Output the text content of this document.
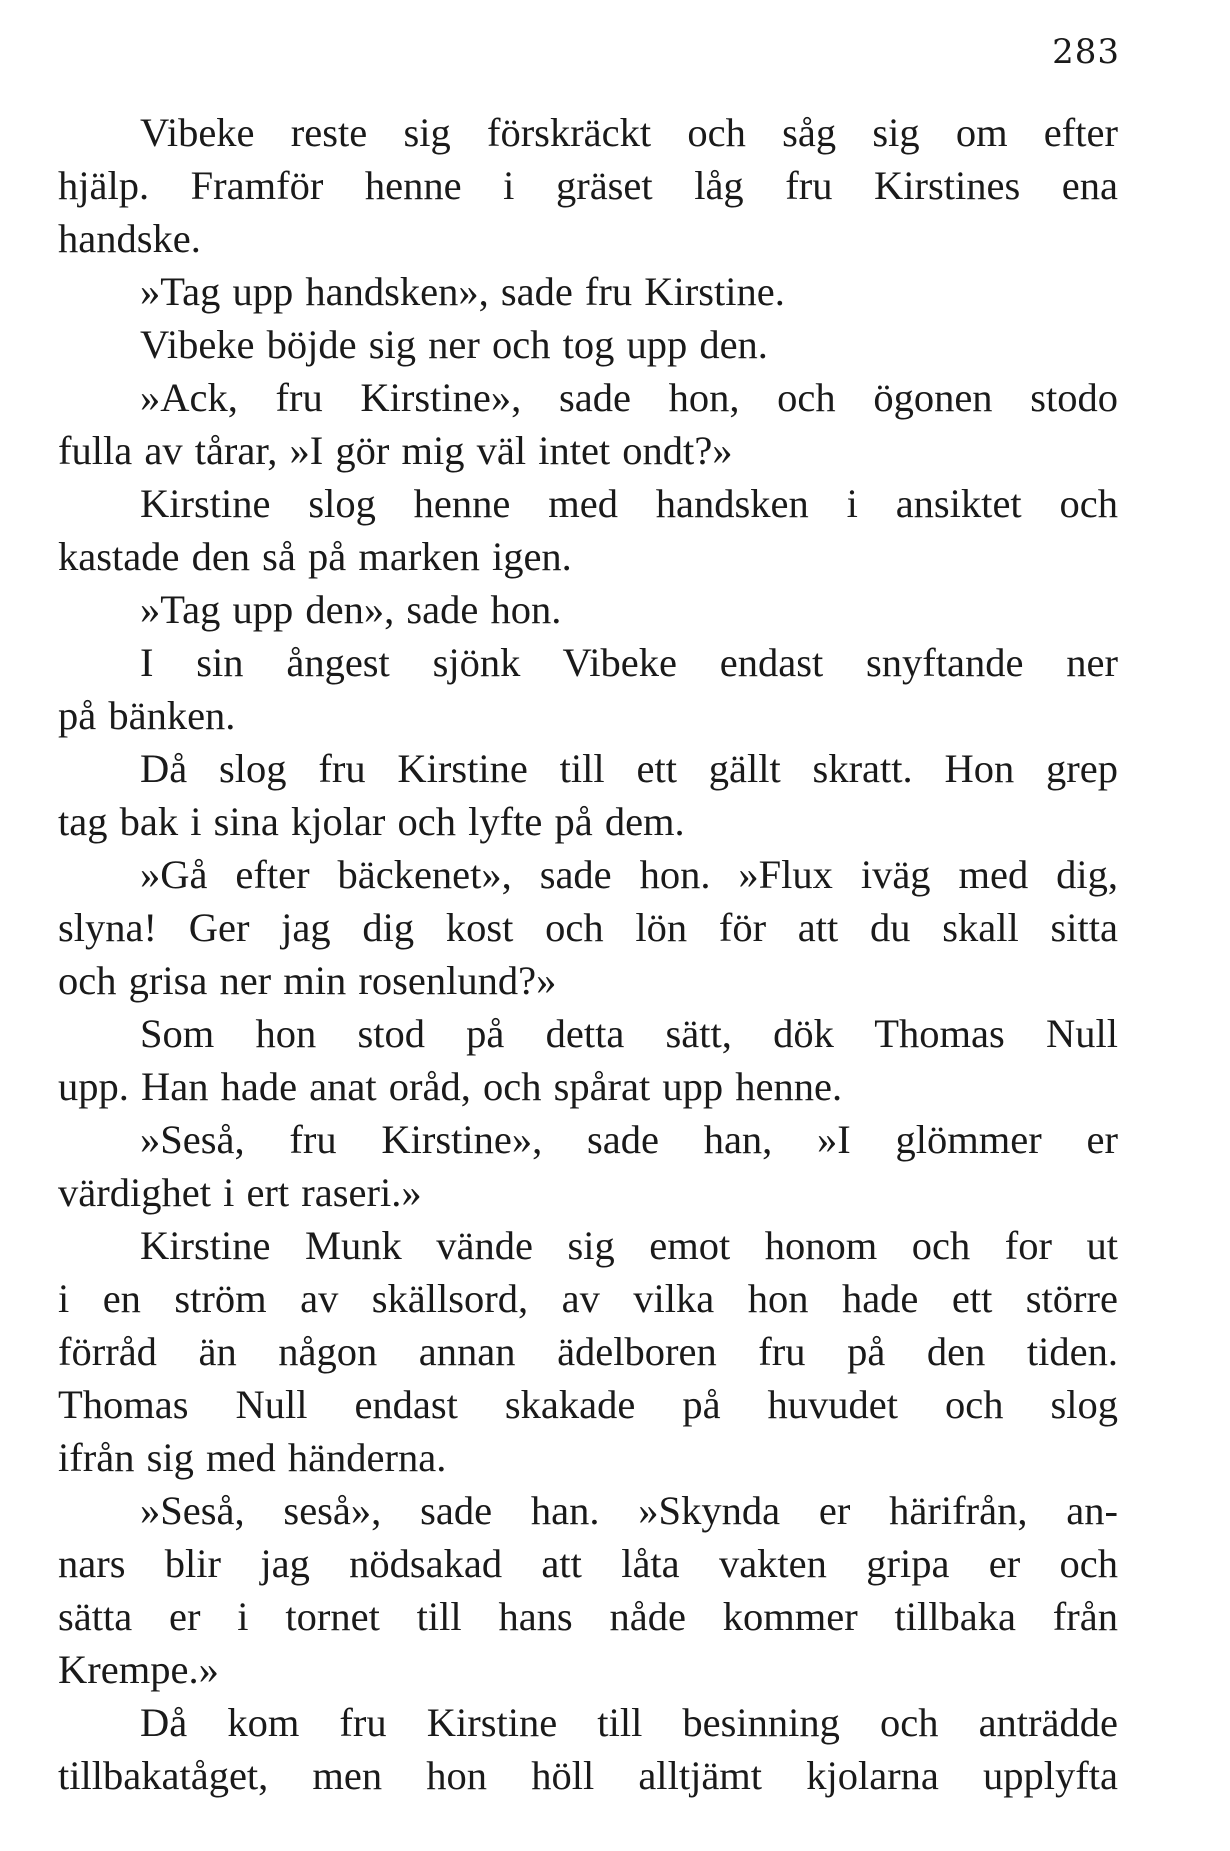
283
Vibeke reste sig förskräckt och såg sig om efter
hjälp. Framför henne i gräset låg fru Kirstines ena
handske.
»Tag upp handsken», sade fru Kirstine.
Vibeke böjde sig ner och tog upp den.
»Ack, fru Kirstine», sade hon, och ögonen stodo
fulla av tårar, »I gör mig väl intet ondt?»
Kirstine slog henne med handsken i ansiktet och
kastade den så på marken igen.
»Tag upp den», sade hon.
I sin ångest sjönk Vibeke endast snyftande ner
på bänken.
Då slog fru Kirstine till ett gällt skratt. Hon grep
tag bak i sina kjolar och lyfte på dem.
»Gå efter bäckenet», sade hon. »Flux iväg med dig,
slyna! Ger jag dig kost och lön för att du skall sitta
och grisa ner min rosenlund?»
Som hon stod på detta sätt, dök Thomas Null
upp. Han hade anat oråd, och spårat upp henne.
»Seså, fru Kirstine», sade han, »I glömmer er
värdighet i ert raseri.»
Kirstine Munk vände sig emot honom och for ut
i en ström av skällsord, av vilka hon hade ett större
förråd än någon annan ädelboren fru på den tiden.
Thomas Null endast skakade på huvudet och slog
ifrån sig med händerna.
»Seså, seså», sade han. »Skynda er härifrån, an-
nars blir jag nödsakad att låta vakten gripa er och
sätta er i tornet till hans nåde kommer tillbaka från
Krempe.»
Då kom fru Kirstine till besinning och anträdde
tillbakatåget, men hon höll alltjämt kjolarna upplyfta
